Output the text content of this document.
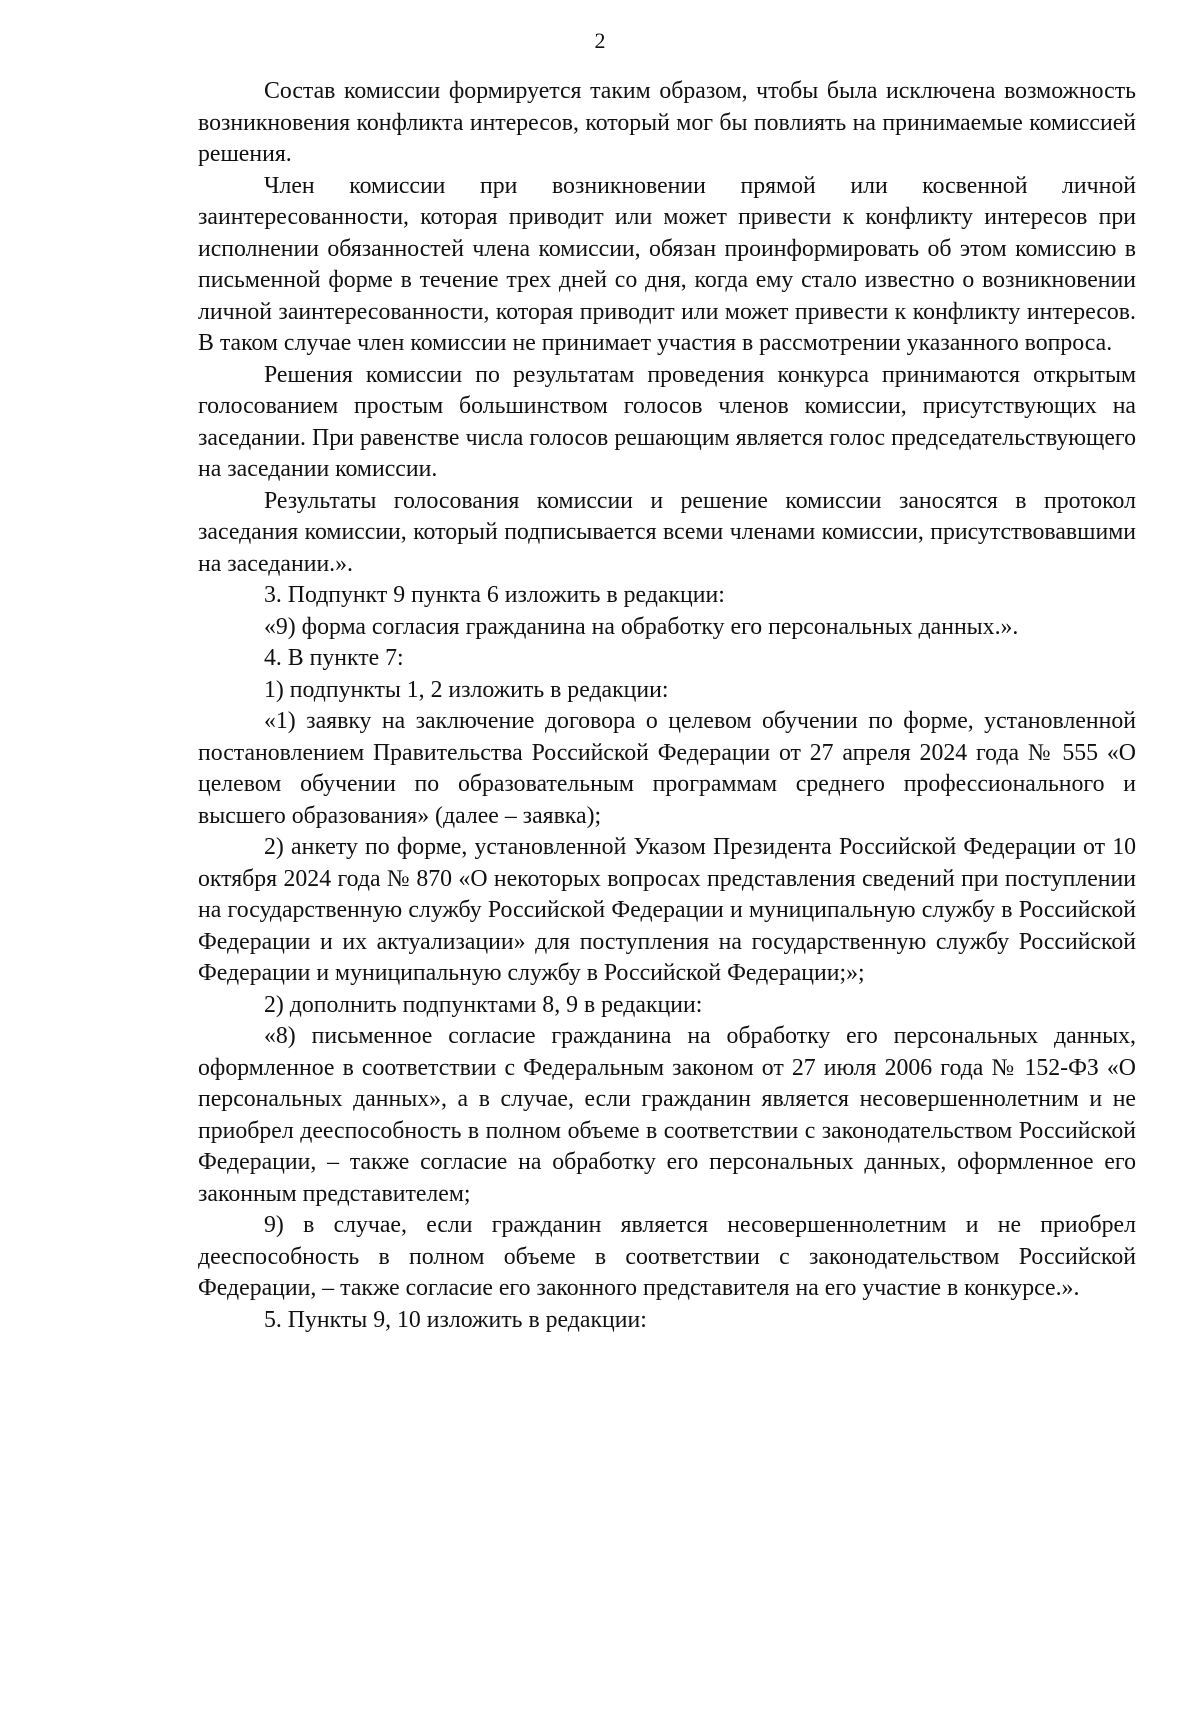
2

Состав комиссии формируется таким образом, чтобы была исключена возможность возникновения конфликта интересов, который мог бы повлиять на принимаемые комиссией решения.

Член комиссии при возникновении прямой или косвенной личной заинтересованности, которая приводит или может привести к конфликту интересов при исполнении обязанностей члена комиссии, обязан проинформировать об этом комиссию в письменной форме в течение трех дней со дня, когда ему стало известно о возникновении личной заинтересованности, которая приводит или может привести к конфликту интересов. В таком случае член комиссии не принимает участия в рассмотрении указанного вопроса.

Решения комиссии по результатам проведения конкурса принимаются открытым голосованием простым большинством голосов членов комиссии, присутствующих на заседании. При равенстве числа голосов решающим является голос председательствующего на заседании комиссии.

Результаты голосования комиссии и решение комиссии заносятся в протокол заседания комиссии, который подписывается всеми членами комиссии, присутствовавшими на заседании.».

3. Подпункт 9 пункта 6 изложить в редакции:

«9) форма согласия гражданина на обработку его персональных данных.».

4. В пункте 7:

1) подпункты 1, 2 изложить в редакции:

«1) заявку на заключение договора о целевом обучении по форме, установленной постановлением Правительства Российской Федерации от 27 апреля 2024 года № 555 «О целевом обучении по образовательным программам среднего профессионального и высшего образования» (далее – заявка);

2) анкету по форме, установленной Указом Президента Российской Федерации от 10 октября 2024 года № 870 «О некоторых вопросах представления сведений при поступлении на государственную службу Российской Федерации и муниципальную службу в Российской Федерации и их актуализации» для поступления на государственную службу Российской Федерации и муниципальную службу в Российской Федерации;»;

2) дополнить подпунктами 8, 9 в редакции:

«8) письменное согласие гражданина на обработку его персональных данных, оформленное в соответствии с Федеральным законом от 27 июля 2006 года № 152-ФЗ «О персональных данных», а в случае, если гражданин является несовершеннолетним и не приобрел дееспособность в полном объеме в соответствии с законодательством Российской Федерации, – также согласие на обработку его персональных данных, оформленное его законным представителем;

9) в случае, если гражданин является несовершеннолетним и не приобрел дееспособность в полном объеме в соответствии с законодательством Российской Федерации, – также согласие его законного представителя на его участие в конкурсе.».

5. Пункты 9, 10 изложить в редакции:
